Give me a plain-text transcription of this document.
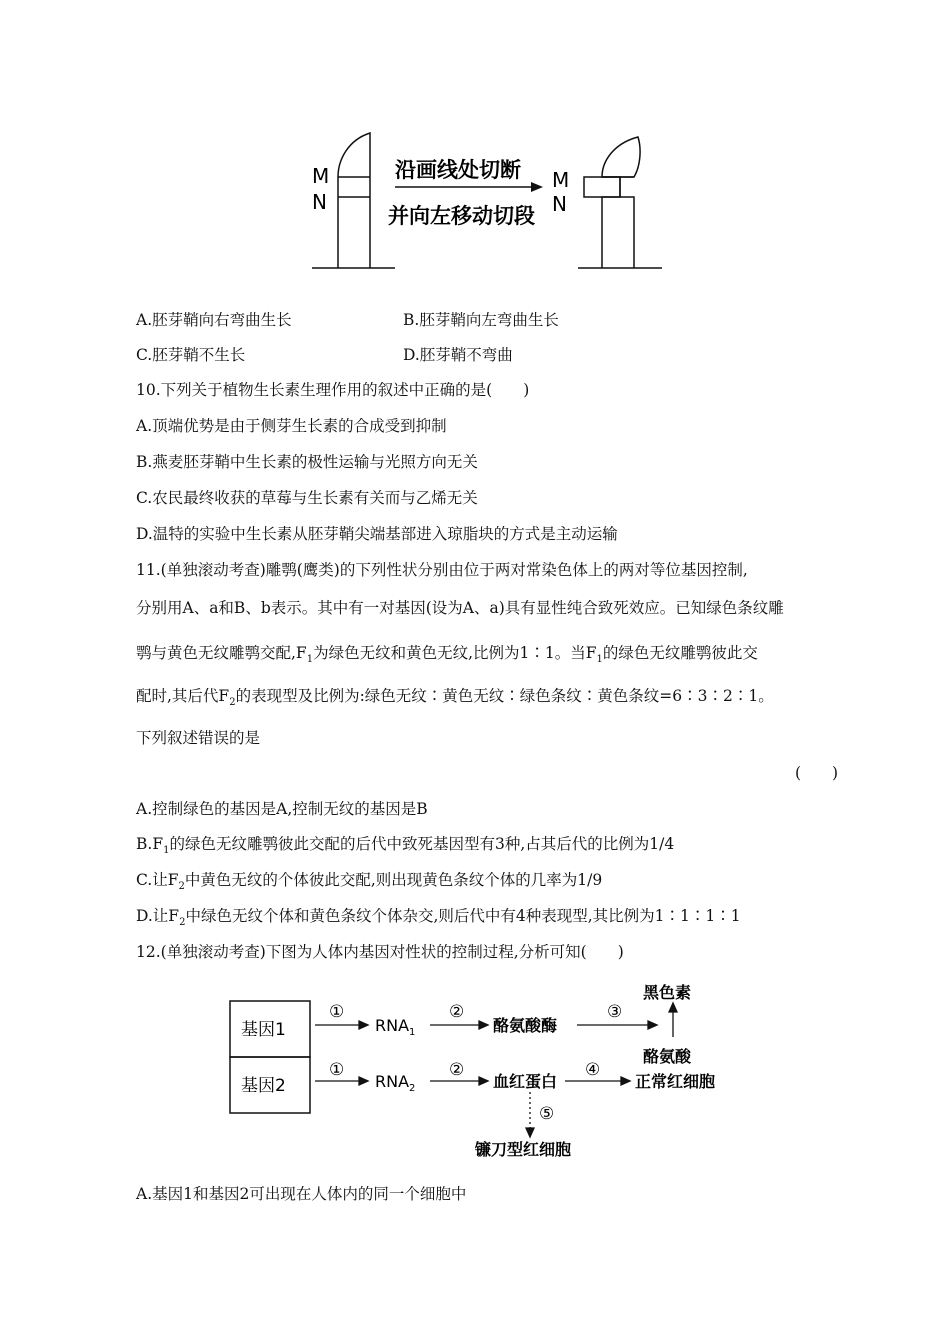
M
N
沿画线处切断
并向左移动切段
M
N
A.胚芽鞘向右弯曲生长	B.胚芽鞘向左弯曲生长
C.胚芽鞘不生长	D.胚芽鞘不弯曲
10.下列关于植物生长素生理作用的叙述中正确的是(　　)
A.顶端优势是由于侧芽生长素的合成受到抑制
B.燕麦胚芽鞘中生长素的极性运输与光照方向无关
C.农民最终收获的草莓与生长素有关而与乙烯无关
D.温特的实验中生长素从胚芽鞘尖端基部进入琼脂块的方式是主动运输
11.(单独滚动考查)雕鹗(鹰类)的下列性状分别由位于两对常染色体上的两对等位基因控制,
分别用A、a和B、b表示。其中有一对基因(设为A、a)具有显性纯合致死效应。已知绿色条纹雕
鹗与黄色无纹雕鹗交配$,F_1$为绿色无纹和黄色无纹,比例为1∶1。当$F_1$的绿色无纹雕鹗彼此交
配时,其后代$F_2$的表现型及比例为:绿色无纹∶黄色无纹∶绿色条纹∶黄色条纹=6∶3∶2∶1。
下列叙述错误的是
(　　)
A.控制绿色的基因是A,控制无纹的基因是B
$B.F_1$的绿色无纹雕鹗彼此交配的后代中致死基因型有3种,占其后代的比例为1/4
C.让$F_2$中黄色无纹的个体彼此交配,则出现黄色条纹个体的几率为1/9
D.让$F_2$中绿色无纹个体和黄色条纹个体杂交,则后代中有4种表现型,其比例为1∶1∶1∶1
12.(单独滚动考查)下图为人体内基因对性状的控制过程,分析可知(　　)
基因1
基因2
①
$RNA_1$
②
酪氨酸酶
③
黑色素
酪氨酸
①
$RNA_2$
②
血红蛋白
④
正常红细胞
⑤
镰刀型红细胞
A.基因1和基因2可出现在人体内的同一个细胞中
